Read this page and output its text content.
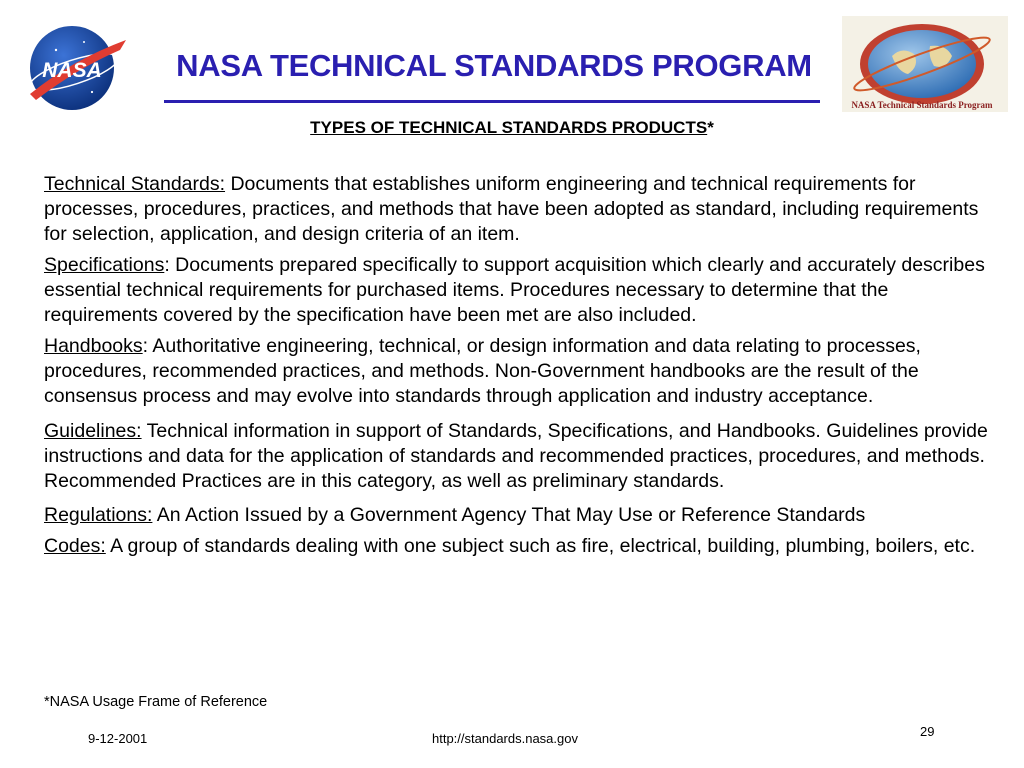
NASA	NASA TECHNICAL STANDARDS PROGRAM
NASA Technical Standards Program
TYPES OF TECHNICAL STANDARDS PRODUCTS*

Technical Standards: Documents that establishes uniform engineering and technical requirements for processes, procedures, practices, and methods that have been adopted as standard, including requirements for selection, application, and design criteria of an item.

Specifications: Documents prepared specifically to support acquisition which clearly and accurately describes essential technical requirements for purchased items. Procedures necessary to determine that the requirements covered by the specification have been met are also included.

Handbooks: Authoritative engineering, technical, or design information and data relating to processes, procedures, recommended practices, and methods. Non-Government handbooks are the result of the consensus process and may evolve into standards through application and industry acceptance.

Guidelines: Technical information in support of Standards, Specifications, and Handbooks. Guidelines provide instructions and data for the application of standards and recommended practices, procedures, and methods. Recommended Practices are in this category, as well as preliminary standards.

Regulations: An Action Issued by a Government Agency That May Use or Reference Standards

Codes: A group of standards dealing with one subject such as fire, electrical, building, plumbing, boilers, etc.

*NASA Usage Frame of Reference
9-12-2001	http://standards.nasa.gov	29
